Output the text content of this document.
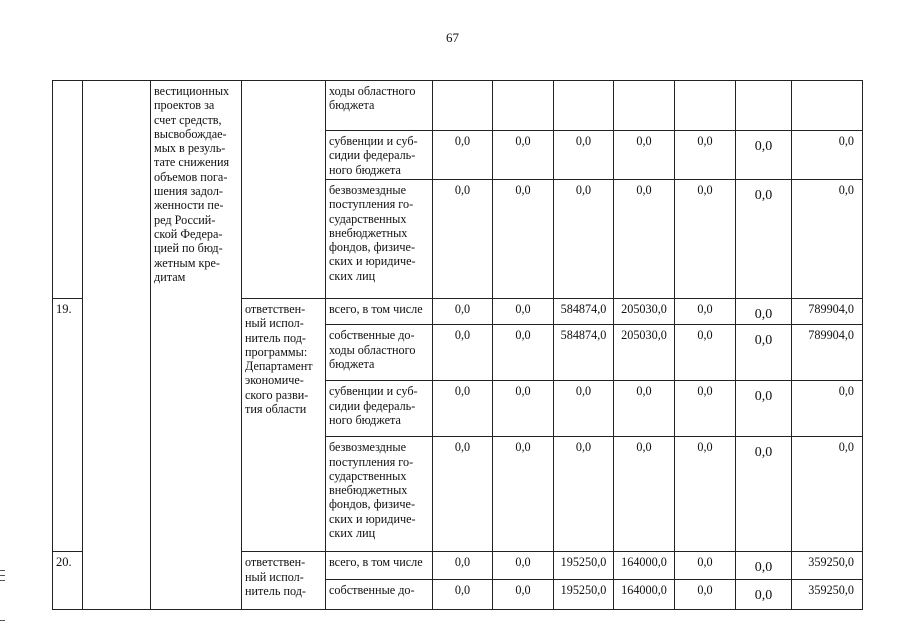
67
		вестиционных проектов за счет средств, высвобождае-мых в резуль-тате снижения объемов пога-шения задол-женности пе-ред Россий-ской Федера-цией по бюд-жетным кре-дитам		ходы областного бюджета							
				субвенции и суб-сидии федераль-ного бюджета	0,0	0,0	0,0	0,0	0,0	0,0	0,0
				безвозмездные поступления го-сударственных внебюджетных фондов, физиче-ских и юридиче-ских лиц	0,0	0,0	0,0	0,0	0,0	0,0	0,0
19.			ответствен-ный испол-нитель под-программы: Департамент экономиче-ского разви-тия области	всего, в том числе	0,0	0,0	584874,0	205030,0	0,0	0,0	789904,0
				собственные до-ходы областного бюджета	0,0	0,0	584874,0	205030,0	0,0	0,0	789904,0
				субвенции и суб-сидии федераль-ного бюджета	0,0	0,0	0,0	0,0	0,0	0,0	0,0
				безвозмездные поступления го-сударственных внебюджетных фондов, физиче-ских и юридиче-ских лиц	0,0	0,0	0,0	0,0	0,0	0,0	0,0
20.			ответствен-ный испол-нитель под-	всего, в том числе	0,0	0,0	195250,0	164000,0	0,0	0,0	359250,0
				собственные до-	0,0	0,0	195250,0	164000,0	0,0	0,0	359250,0
